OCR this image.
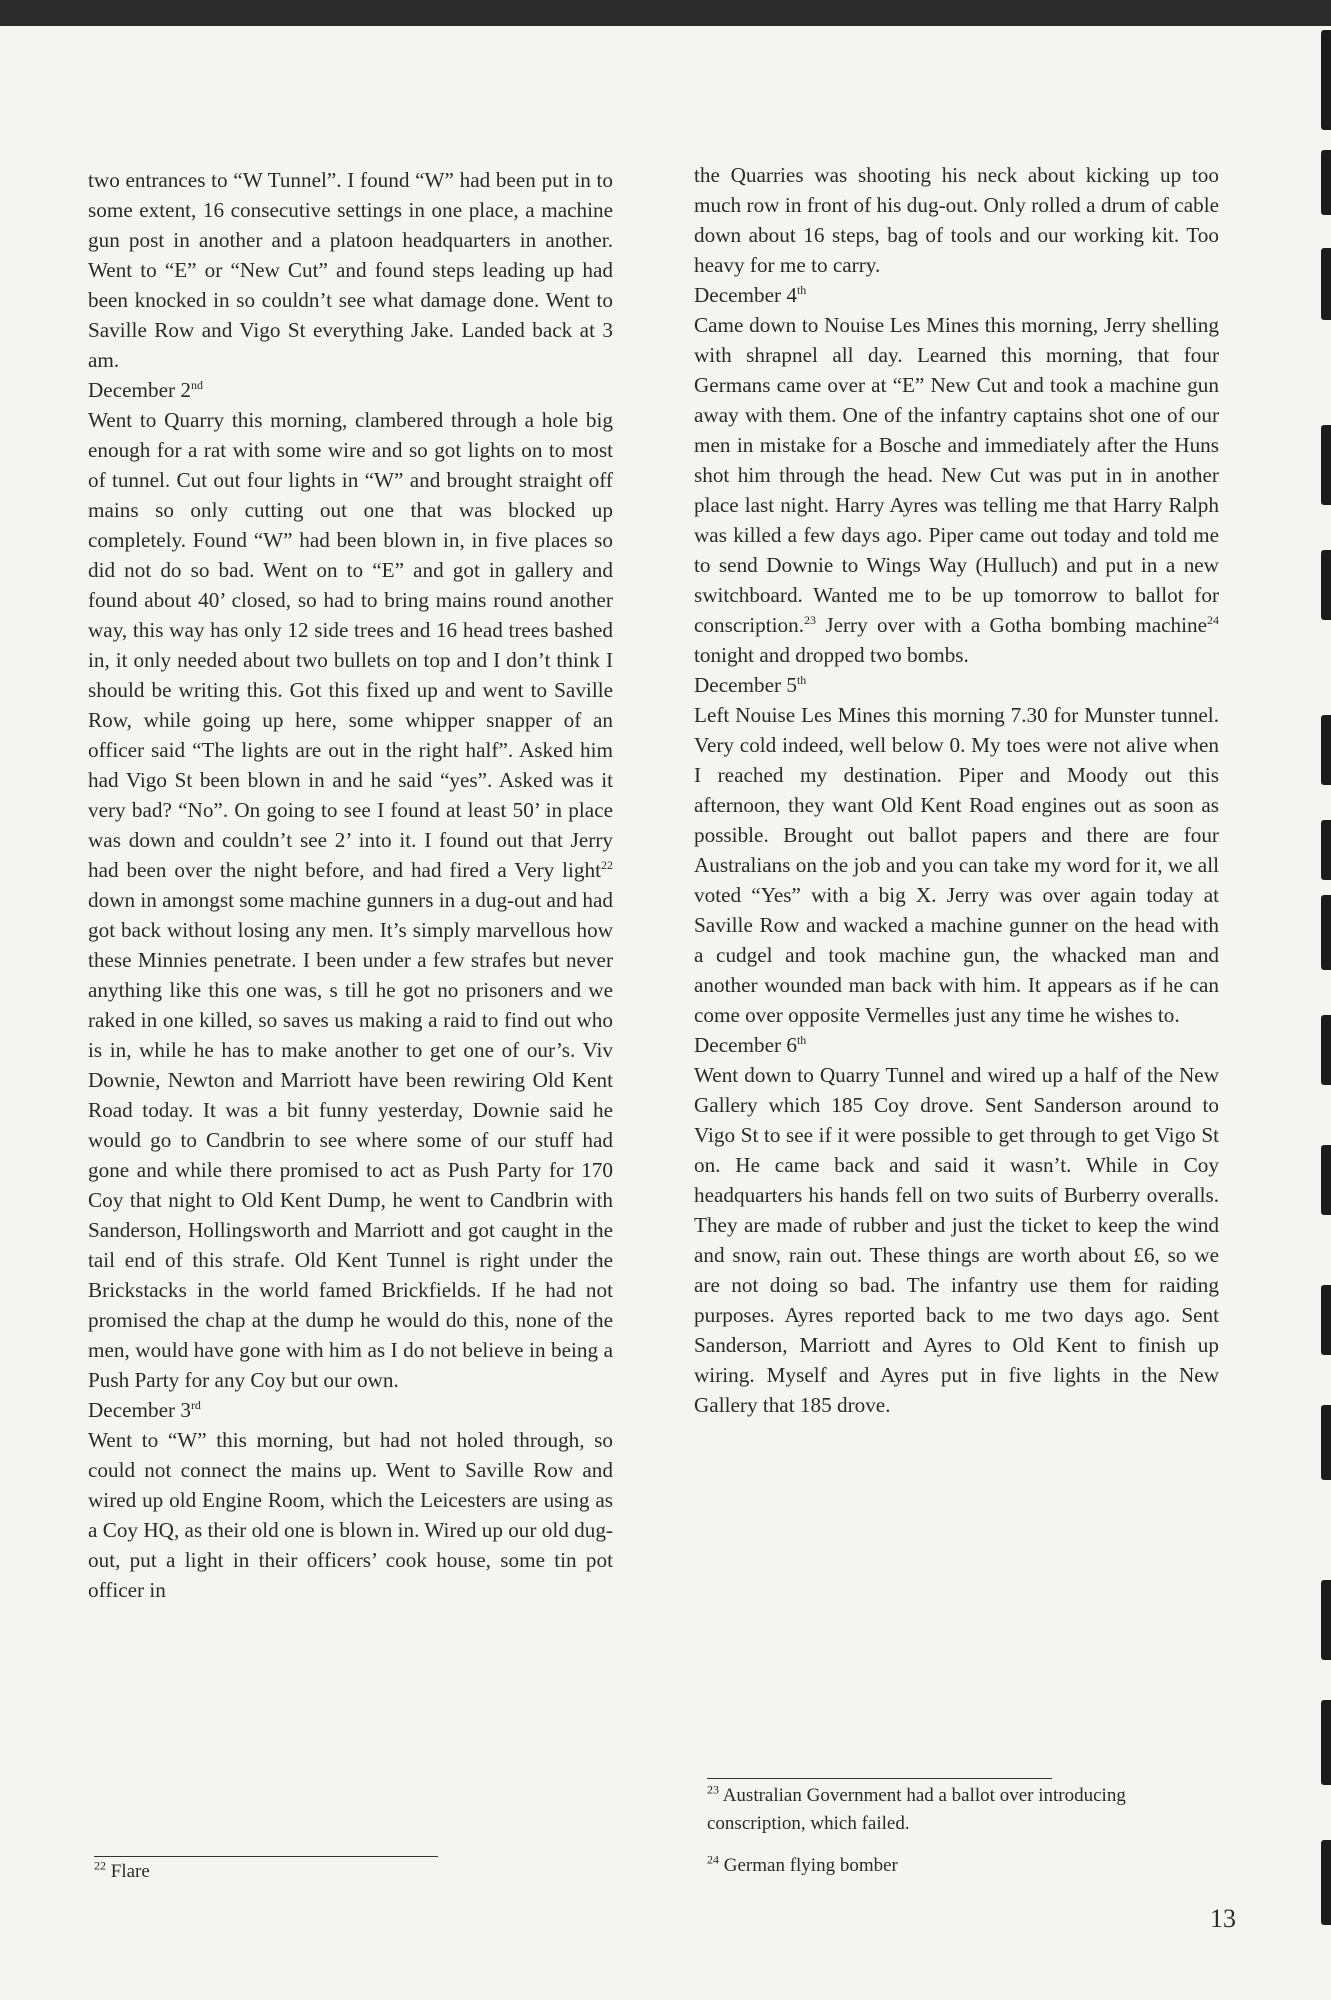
two entrances to “W Tunnel”. I found “W” had been put in to some extent, 16 consecutive settings in one place, a machine gun post in another and a platoon headquarters in another. Went to “E” or “New Cut” and found steps leading up had been knocked in so couldn’t see what damage done. Went to Saville Row and Vigo St everything Jake. Landed back at 3 am.

December 2nd

Went to Quarry this morning, clambered through a hole big enough for a rat with some wire and so got lights on to most of tunnel. Cut out four lights in “W” and brought straight off mains so only cutting out one that was blocked up completely. Found “W” had been blown in, in five places so did not do so bad. Went on to “E” and got in gallery and found about 40’ closed, so had to bring mains round another way, this way has only 12 side trees and 16 head trees bashed in, it only needed about two bullets on top and I don’t think I should be writing this. Got this fixed up and went to Saville Row, while going up here, some whipper snapper of an officer said “The lights are out in the right half”. Asked him had Vigo St been blown in and he said “yes”. Asked was it very bad? “No”. On going to see I found at least 50’ in place was down and couldn’t see 2’ into it. I found out that Jerry had been over the night before, and had fired a Very light$^{22}$ down in amongst some machine gunners in a dug-out and had got back without losing any men. It’s simply marvellous how these Minnies penetrate. I been under a few strafes but never anything like this one was, s till he got no prisoners and we raked in one killed, so saves us making a raid to find out who is in, while he has to make another to get one of our’s. Viv Downie, Newton and Marriott have been rewiring Old Kent Road today. It was a bit funny yesterday, Downie said he would go to Candbrin to see where some of our stuff had gone and while there promised to act as Push Party for 170 Coy that night to Old Kent Dump, he went to Candbrin with Sanderson, Hollingsworth and Marriott and got caught in the tail end of this strafe. Old Kent Tunnel is right under the Brickstacks in the world famed Brickfields. If he had not promised the chap at the dump he would do this, none of the men, would have gone with him as I do not believe in being a Push Party for any Coy but our own.

December 3rd

Went to “W” this morning, but had not holed through, so could not connect the mains up. Went to Saville Row and wired up old Engine Room, which the Leicesters are using as a Coy HQ, as their old one is blown in. Wired up our old dug-out, put a light in their officers’ cook house, some tin pot officer in

$^{22}$ Flare

the Quarries was shooting his neck about kicking up too much row in front of his dug-out. Only rolled a drum of cable down about 16 steps, bag of tools and our working kit. Too heavy for me to carry.

December 4th

Came down to Nouise Les Mines this morning, Jerry shelling with shrapnel all day. Learned this morning, that four Germans came over at “E” New Cut and took a machine gun away with them. One of the infantry captains shot one of our men in mistake for a Bosche and immediately after the Huns shot him through the head. New Cut was put in in another place last night. Harry Ayres was telling me that Harry Ralph was killed a few days ago. Piper came out today and told me to send Downie to Wings Way (Hulluch) and put in a new switchboard. Wanted me to be up tomorrow to ballot for conscription.$^{23}$ Jerry over with a Gotha bombing machine$^{24}$ tonight and dropped two bombs.

December 5th

Left Nouise Les Mines this morning 7.30 for Munster tunnel. Very cold indeed, well below 0. My toes were not alive when I reached my destination. Piper and Moody out this afternoon, they want Old Kent Road engines out as soon as possible. Brought out ballot papers and there are four Australians on the job and you can take my word for it, we all voted “Yes” with a big X. Jerry was over again today at Saville Row and wacked a machine gunner on the head with a cudgel and took machine gun, the whacked man and another wounded man back with him. It appears as if he can come over opposite Vermelles just any time he wishes to.

December 6th

Went down to Quarry Tunnel and wired up a half of the New Gallery which 185 Coy drove. Sent Sanderson around to Vigo St to see if it were possible to get through to get Vigo St on. He came back and said it wasn’t. While in Coy headquarters his hands fell on two suits of Burberry overalls. They are made of rubber and just the ticket to keep the wind and snow, rain out. These things are worth about £6, so we are not doing so bad. The infantry use them for raiding purposes. Ayres reported back to me two days ago. Sent Sanderson, Marriott and Ayres to Old Kent to finish up wiring. Myself and Ayres put in five lights in the New Gallery that 185 drove.

$^{23}$ Australian Government had a ballot over introducing conscription, which failed.
$^{24}$ German flying bomber
13
